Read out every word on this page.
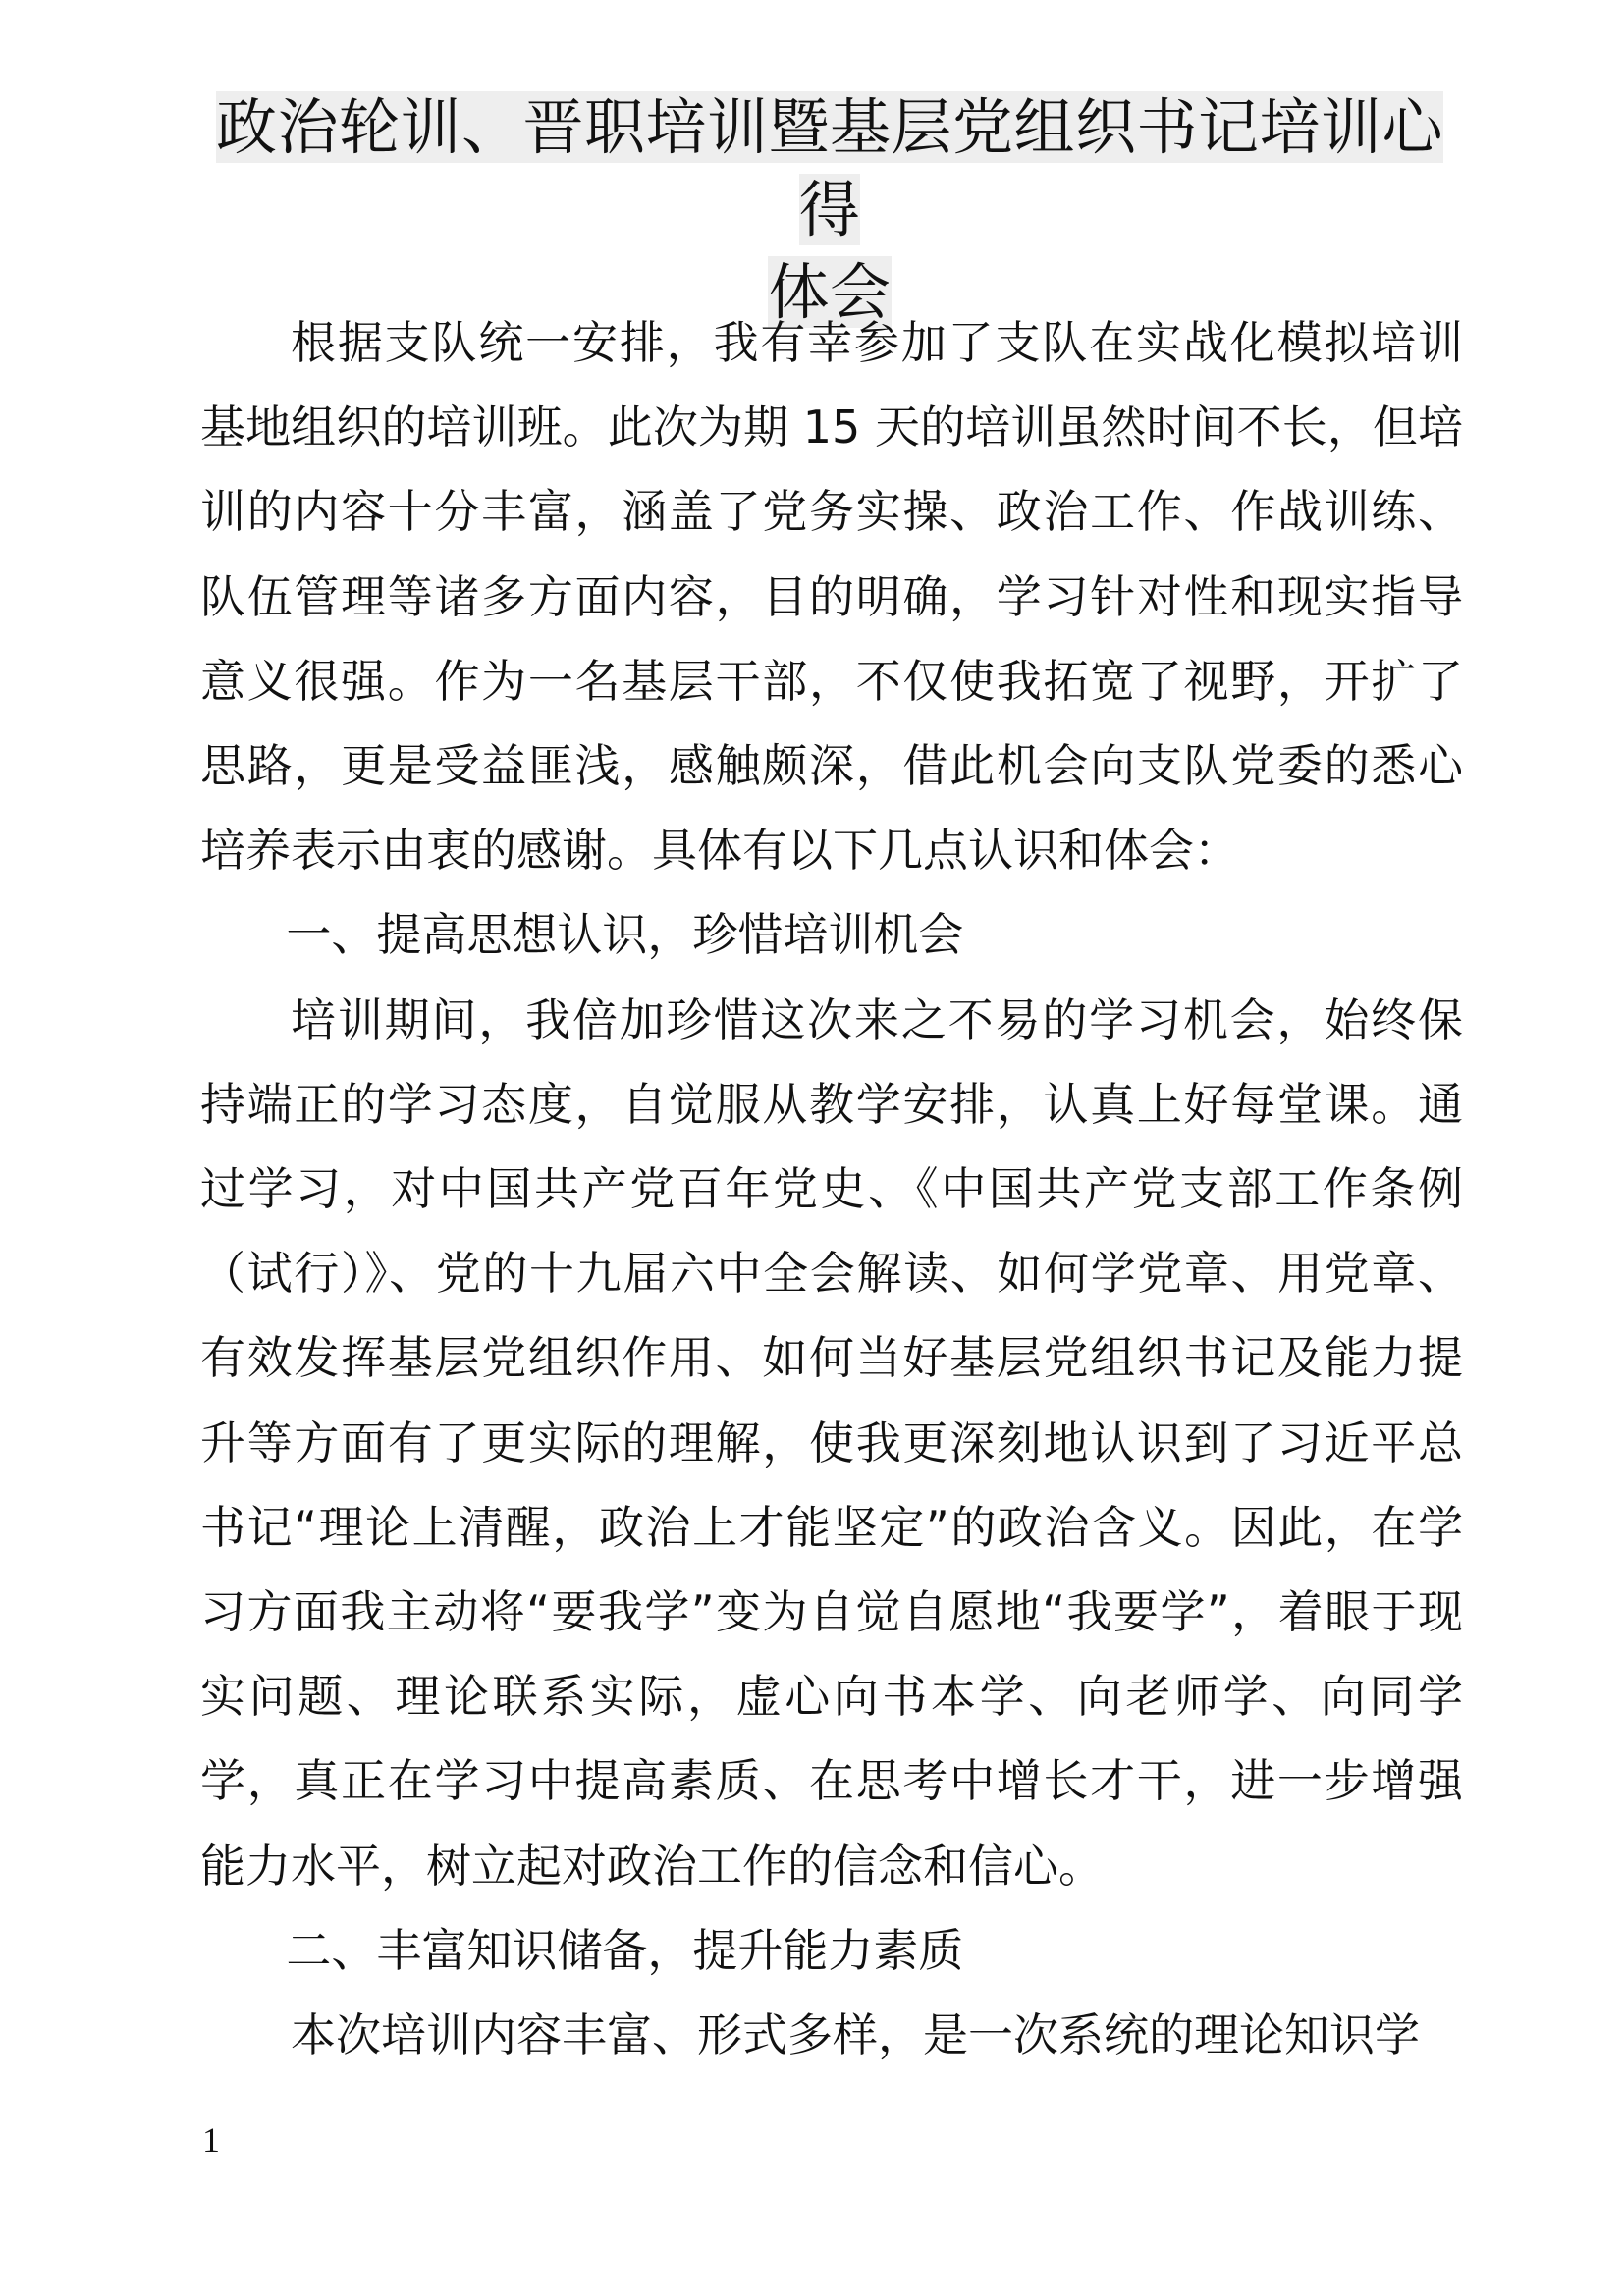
政治轮训、晋职培训暨基层党组织书记培训心得
体会

根据支队统一安排，我有幸参加了支队在实战化模拟培训基地组织的培训班。此次为期 15 天的培训虽然时间不长，但培训的内容十分丰富，涵盖了党务实操、政治工作、作战训练、队伍管理等诸多方面内容，目的明确，学习针对性和现实指导意义很强。作为一名基层干部，不仅使我拓宽了视野，开扩了思路，更是受益匪浅，感触颇深，借此机会向支队党委的悉心培养表示由衷的感谢。具体有以下几点认识和体会：

一、提高思想认识，珍惜培训机会

培训期间，我倍加珍惜这次来之不易的学习机会，始终保持端正的学习态度，自觉服从教学安排，认真上好每堂课。通过学习，对中国共产党百年党史、《中国共产党支部工作条例（试行）》、党的十九届六中全会解读、如何学党章、用党章、有效发挥基层党组织作用、如何当好基层党组织书记及能力提升等方面有了更实际的理解，使我更深刻地认识到了习近平总书记“理论上清醒，政治上才能坚定”的政治含义。因此，在学习方面我主动将“要我学”变为自觉自愿地“我要学”，着眼于现实问题、理论联系实际，虚心向书本学、向老师学、向同学学，真正在学习中提高素质、在思考中增长才干，进一步增强能力水平，树立起对政治工作的信念和信心。

二、丰富知识储备，提升能力素质

本次培训内容丰富、形式多样，是一次系统的理论知识学

1
